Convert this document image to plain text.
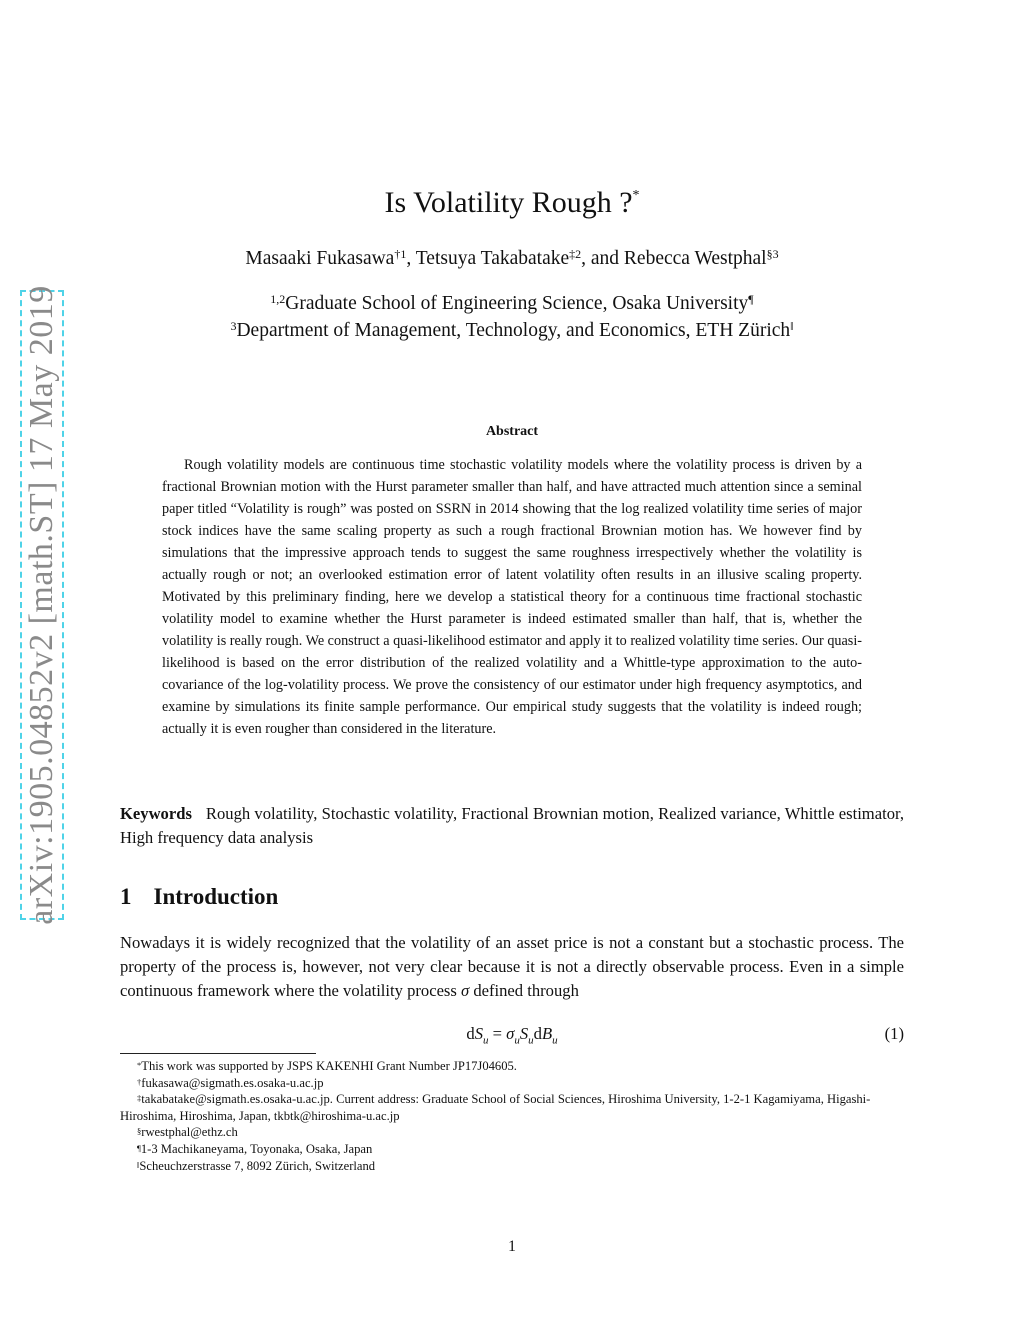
arXiv:1905.04852v2 [math.ST] 17 May 2019
Is Volatility Rough ?*
Masaaki Fukasawa$^{\dagger 1}$, Tetsuya Takabatake$^{\ddagger 2}$, and Rebecca Westphal$^{\S 3}$
$^{1,2}$Graduate School of Engineering Science, Osaka University¶
$^3$Department of Management, Technology, and Economics, ETH Zürich‖
Abstract
Rough volatility models are continuous time stochastic volatility models where the volatility process is driven by a fractional Brownian motion with the Hurst parameter smaller than half, and have attracted much attention since a seminal paper titled “Volatility is rough” was posted on SSRN in 2014 showing that the log realized volatility time series of major stock indices have the same scaling property as such a rough fractional Brownian motion has. We however find by simulations that the impressive approach tends to suggest the same roughness irrespectively whether the volatility is actually rough or not; an overlooked estimation error of latent volatility often results in an illusive scaling property. Motivated by this preliminary finding, here we develop a statistical theory for a continuous time fractional stochastic volatility model to examine whether the Hurst parameter is indeed estimated smaller than half, that is, whether the volatility is really rough. We construct a quasi-likelihood estimator and apply it to realized volatility time series. Our quasi-likelihood is based on the error distribution of the realized volatility and a Whittle-type approximation to the auto-covariance of the log-volatility process. We prove the consistency of our estimator under high frequency asymptotics, and examine by simulations its finite sample performance. Our empirical study suggests that the volatility is indeed rough; actually it is even rougher than considered in the literature.
Keywords Rough volatility, Stochastic volatility, Fractional Brownian motion, Realized variance, Whittle estimator, High frequency data analysis
1 Introduction
Nowadays it is widely recognized that the volatility of an asset price is not a constant but a stochastic process. The property of the process is, however, not very clear because it is not a directly observable process. Even in a simple continuous framework where the volatility process σ defined through
$dS_u = \sigma_uS_udB_u$	(1)
*This work was supported by JSPS KAKENHI Grant Number JP17J04605.
†fukasawa@sigmath.es.osaka-u.ac.jp
‡takabatake@sigmath.es.osaka-u.ac.jp. Current address: Graduate School of Social Sciences, Hiroshima University, 1-2-1 Kagamiyama, Higashi-Hiroshima, Hiroshima, Japan, tkbtk@hiroshima-u.ac.jp
§rwestphal@ethz.ch
¶1-3 Machikaneyama, Toyonaka, Osaka, Japan
‖Scheuchzerstrasse 7, 8092 Zürich, Switzerland
1
